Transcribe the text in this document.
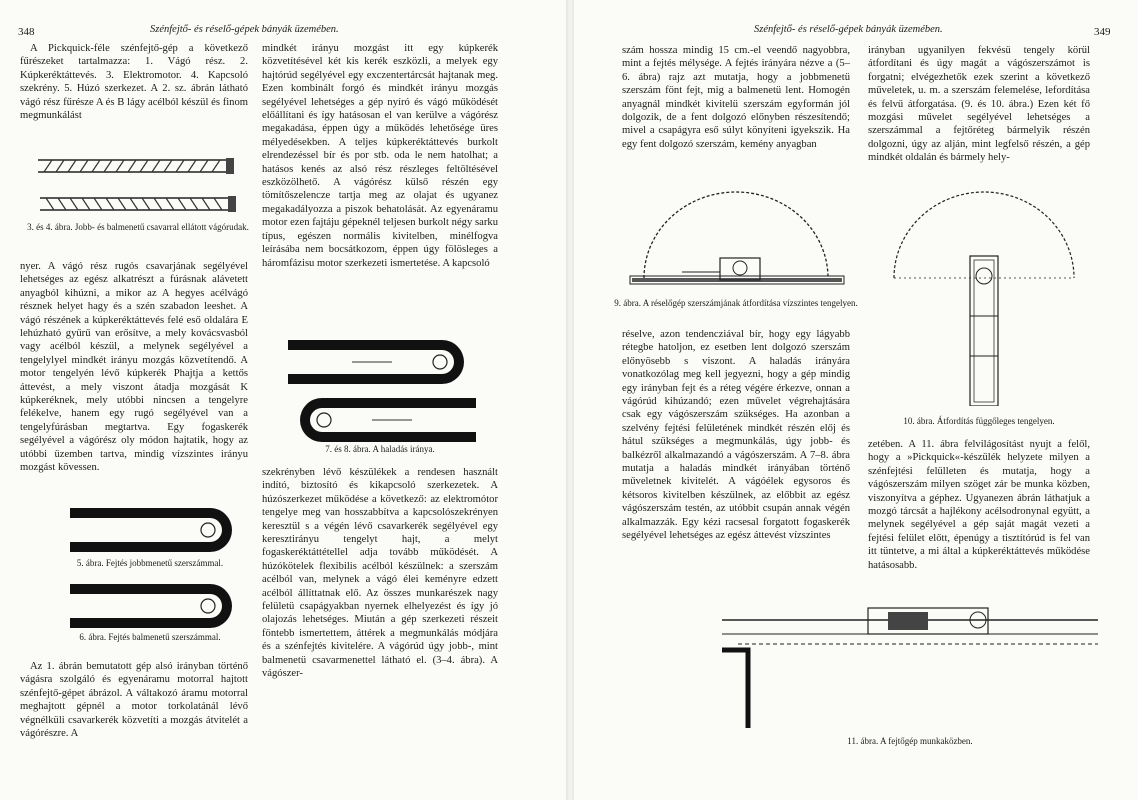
348	Szénfejtő- és réselő-gépek bányák üzemében.

A Pickquick-féle szénfejtő-gép a következő fűrészeket tartalmazza: 1. Vágó rész. 2. Kúpkeréktáttevés. 3. Elektromotor. 4. Kapcsoló szekrény. 5. Húzó szerkezet. A 2. sz. ábrán látható vágó rész fűrésze A és B lágy acélból készül és finom megmunkálást

3. és 4. ábra. Jobb- és balmenetű csavarral ellátott vágórudak.

nyer. A vágó rész rugós csavarjának segélyével lehetséges az egész alkatrészt a fúrásnak alávetett anyagból kihúzni, a mikor az A hegyes acélvágó résznek helyet hagy és a szén szabadon leeshet. A vágó részének a kúpkeréktáttevés felé eső oldalára E lehúzható gyűrű van erősítve, a mely kovácsvasból vagy acélból készül, a melynek segélyével a tengelylyel mindkét irányu mozgás közvetítendő. A motor tengelyén lévő kúpkerék Phajtja a kettős áttevést, a mely viszont átadja mozgását K kúpkeréknek, mely utóbbi nincsen a tengelyre felékelve, hanem egy rugó segélyével van a tengelyfúrásban megtartva. Egy fogaskerék segélyével a vágórész oly módon hajtatik, hogy az utóbbi üzemben tartva, mindig vízszintes irányu mozgást kövessen.

5. ábra. Fejtés jobbmenetű szerszámmal.
6. ábra. Fejtés balmenetű szerszámmal.

Az 1. ábrán bemutatott gép alsó irányban történő vágásra szolgáló és egyenáramu motorral hajtott szénfejtő-gépet ábrázol. A váltakozó áramu motorral meghajtott gépnél a motor torkolatánál lévő végnélküli csavarkerék közvetíti a mozgás átvitelét a vágórészre. A

mindkét irányu mozgást itt egy kúpkerék közvetítésével két kis kerék eszközli, a melyek egy hajtórúd segélyével egy exczentertárcsát hajtanak meg. Ezen kombinált forgó és mindkét irányu mozgás segélyével lehetséges a gép nyíró és vágó működését előállítani és így hatásosan el van kerülve a vágórész megakadása, éppen úgy a működés lehetősége üres mélyedésekben. A teljes kúpkeréktáttevés burkolt elrendezéssel bír és por stb. oda le nem hatolhat; a hatásos kenés az alsó rész részleges feltöltésével eszközölhető. A vágórész külső részén egy tömítőszelencze tartja meg az olajat és ugyanez megakadályozza a piszok behatolását. Az egyenáramu motor ezen fajtáju gépeknél teljesen burkolt négy sarku típus, egészen normális kivitelben, minélfogva leírásába nem bocsátkozom, éppen úgy fölösleges a háromfázisu motor szerkezeti ismertetése. A kapcsoló

7. és 8. ábra. A haladás iránya.

szekrényben lévő készülékek a rendesen használt indító, biztosító és kikapcsoló szerkezetek. A húzószerkezet működése a következő: az elektromótor tengelye meg van hosszabbítva a kapcsolószekrényen keresztül s a végén lévő csavarkerék segélyével egy keresztirányu tengelyt hajt, a melyt fogaskeréktáttétellel adja tovább működését. A húzókötelek flexibilis acélból készülnek: a szerszám acélból van, melynek a vágó élei keményre edzett acélból állíttatnak elő. Az összes munkarészek nagy felületü csapágyakban nyernek elhelyezést és így jó olajozás lehetséges. Miután a gép szerkezeti részeit föntebb ismertettem, áttérek a megmunkálás módjára és a szénfejtés kivitelére. A vágórúd úgy jobb-, mint balmenetü csavarmenettel látható el. (3–4. ábra). A vágószer-

Szénfejtő- és réselő-gépek bányák üzemében.	349

szám hossza mindig 15 cm.-el veendő nagyobbra, mint a fejtés mélysége. A fejtés irányára nézve a (5–6. ábra) rajz azt mutatja, hogy a jobbmenetü szerszám fönt fejt, mig a balmenetü lent. Homogén anyagnál mindkét kivitelü szerszám egyformán jól dolgozik, de a fent dolgozó előnyben részesítendő; mivel a csapágyra eső súlyt könyíteni igyekszik. Ha egy fent dolgozó szerszám, kemény anyagban

9. ábra. A réselőgép szerszámjának átfordítása vízszintes tengelyen.

réselve, azon tendencziával bír, hogy egy lágyabb rétegbe hatoljon, ez esetben lent dolgozó szerszám előnyösebb s viszont. A haladás irányára vonatkozólag meg kell jegyezni, hogy a gép mindig egy irányban fejt és a réteg végére érkezve, onnan a vágórúd kihúzandó; ezen művelet végrehajtására csak egy vágószerszám szükséges. Ha azonban a szelvény fejtési felületének mindkét részén előj és hátul szükséges a megmunkálás, úgy jobb- és balkézről alkalmazandó a vágószerszám. A 7–8. ábra mutatja a haladás mindkét irányában történő műveletnek kivitelét. A vágóélek egysoros és kétsoros kivitelben készülnek, az előbbit az egész vágószerszám testén, az utóbbit csupán annak végén alkalmazzák. Egy kézi racsesal forgatott fogaskerék segélyével lehetséges az egész áttevést vízszintes

irányban ugyanilyen fekvésü tengely körül átfordítani és úgy magát a vágószerszámot is forgatni; elvégezhetők ezek szerint a következő műveletek, u. m. a szerszám felemelése, lefordítása és felvű átforgatása. (9. és 10. ábra.) Ezen két fő mozgási művelet segélyével lehetséges a szerszámmal a fejtőréteg bármelyik részén dolgozni, úgy az alján, mint legfelső részén, a gép mindkét oldalán és bármely hely-

10. ábra. Átfordítás függőleges tengelyen.

zetében. A 11. ábra felvilágosítást nyujt a felől, hogy a »Pickquick«-készülék helyzete milyen a szénfejtési felülleten és mutatja, hogy a vágószerszám milyen szöget zár be munka közben, viszonyítva a géphez. Ugyanezen ábrán láthatjuk a mozgó tárcsát a hajlékony acélsodronynal együtt, a melynek segélyével a gép saját magát vezeti a fejtési felület előtt, épenúgy a tisztítórúd is fel van itt tüntetve, a mi által a kúpkeréktáttevés működése hatásosabb.

11. ábra. A fejtőgép munkaközben.
